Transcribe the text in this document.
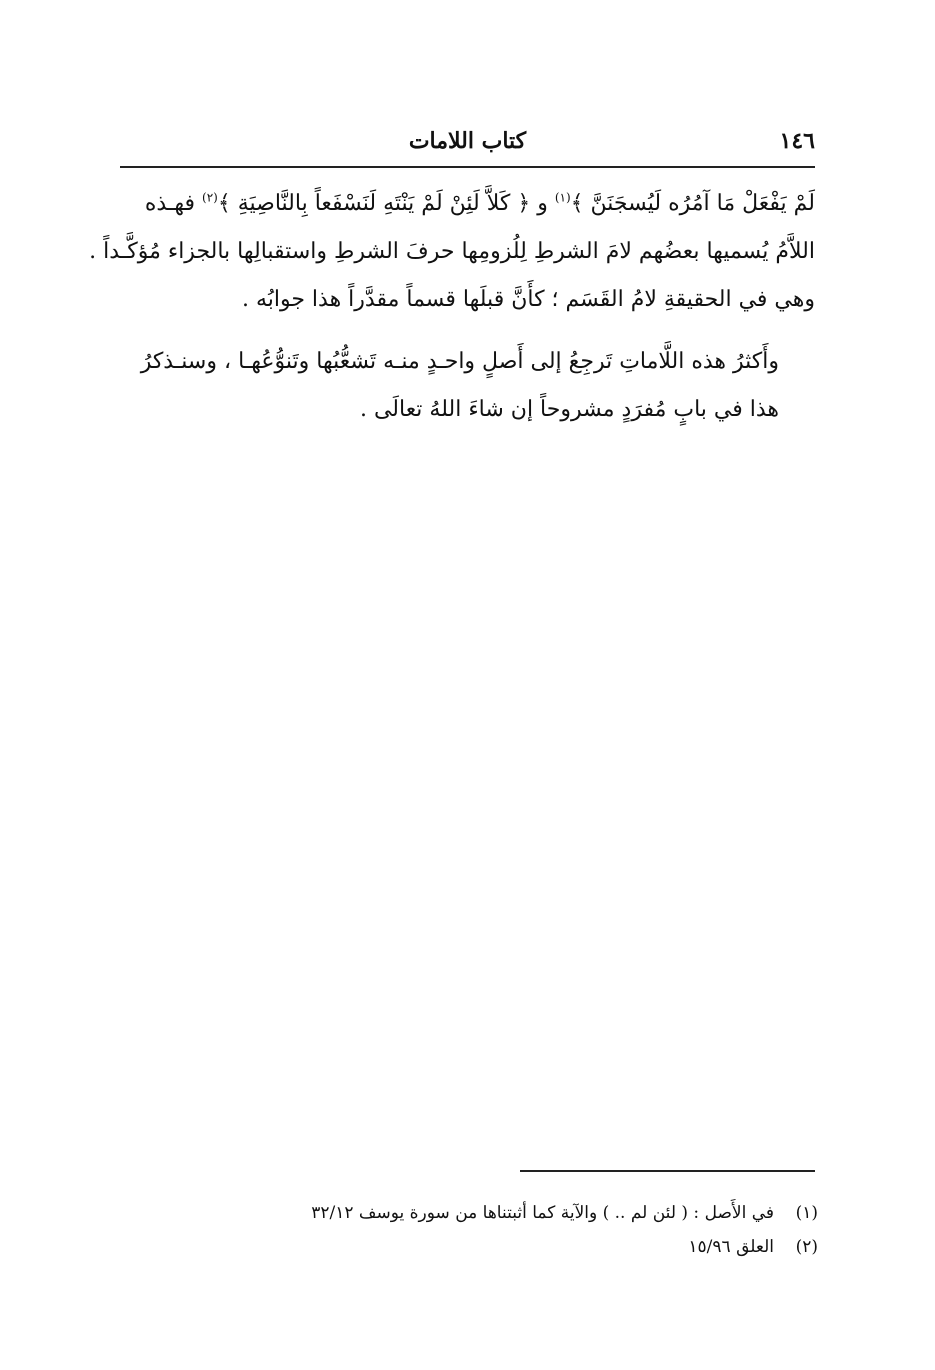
١٤٦
كتاب اللامات

لَمْ يَفْعَلْ مَا آمُرُه لَيُسجَنَنَّ ﴾$^{(١)}$ و ﴿ كَلاَّ لَئِنْ لَمْ يَنْتَهِ لَنَسْفَعاً بِالنَّاصِيَةِ ﴾$^{(٢)}$ فهـذه
اللاَّمُ يُسميها بعضُهم لامَ الشرطِ لِلُزومِها حرفَ الشرطِ واستقبالِها بالجزاء مُؤكَّـداً .
وهي في الحقيقةِ لامُ القَسَم ؛ كأَنَّ قبلَها قسماً مقدَّراً هذا جوابُه .

وأَكثرُ هذه اللَّاماتِ تَرجِعُ إلى أَصلٍ واحـدٍ منـه تَشعُّبُها وتَنوُّعُهـا ، وسنـذكرُ
هذا في بابٍ مُفرَدٍ مشروحاً إن شاءَ اللهُ تعالَى .

(١)في الأَصل : ( لئن لم .. ) والآية كما أثبتناها من سورة يوسف ٣٢/١٢
(٢)العلق ١٥/٩٦
